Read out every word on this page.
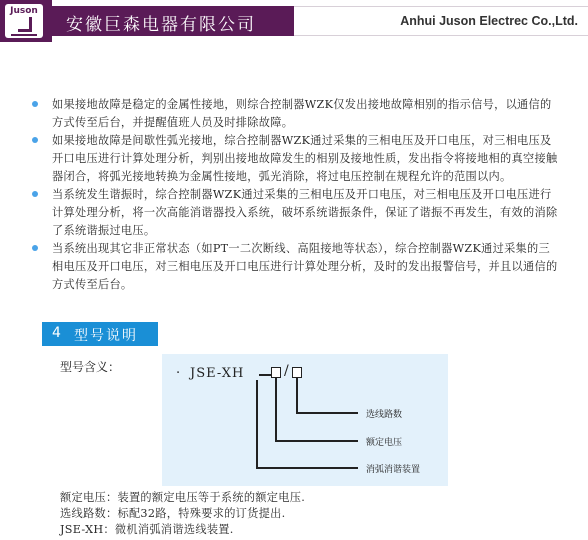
Juson
安徽巨森电器有限公司	Anhui Juson Electrec Co.,Ltd.
如果接地故障是稳定的金属性接地，则综合控制器WZK仅发出接地故障相别的指示信号，以通信的方式传至后台，并提醒值班人员及时排除故障。
如果接地故障是间歇性弧光接地，综合控制器WZK通过采集的三相电压及开口电压，对三相电压及开口电压进行计算处理分析，判别出接地故障发生的相别及接地性质，发出指令将接地相的真空接触器闭合，将弧光接地转换为金属性接地，弧光消除，将过电压控制在规程允许的范围以内。
当系统发生谐振时，综合控制器WZK通过采集的三相电压及开口电压，对三相电压及开口电压进行计算处理分析，将一次高能消谐器投入系统，破坏系统谐振条件，保证了谐振不再发生，有效的消除了系统谐振过电压。
当系统出现其它非正常状态（如PT一二次断线、高阻接地等状态），综合控制器WZK通过采集的三相电压及开口电压，对三相电压及开口电压进行计算处理分析，及时的发出报警信号，并且以通信的方式传至后台。
4 型号说明
型号含义：	· JSE-XH	/
选线路数
额定电压
消弧消谐装置
额定电压：装置的额定电压等于系统的额定电压.
选线路数：标配32路，特殊要求的订货提出.
JSE-XH：微机消弧消谐选线装置.
